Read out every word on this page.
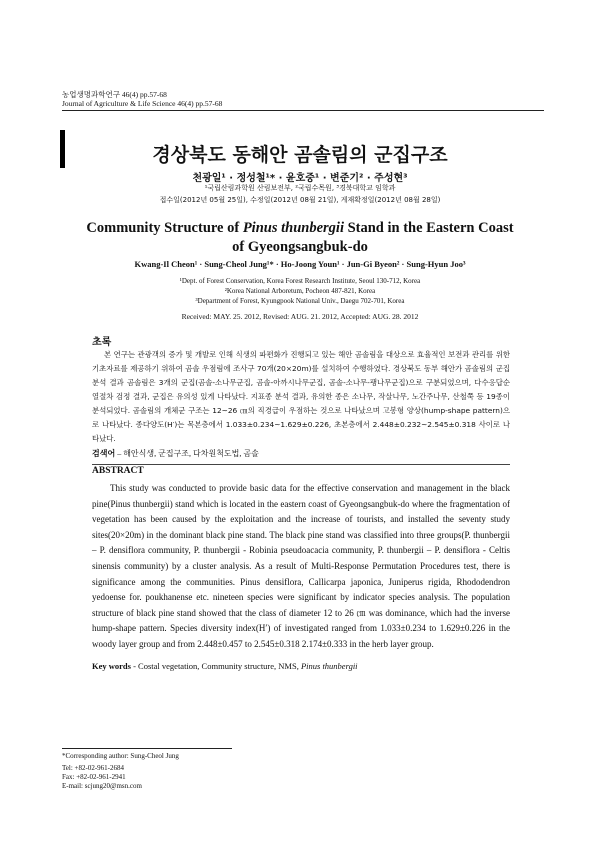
농업생명과학연구 46(4) pp.57-68
Journal of Agriculture & Life Science 46(4) pp.57-68
경상북도 동해안 곰솔림의 군집구조
천광일¹ · 정성철¹* · 윤호중¹ · 변준기² · 주성현³
¹국립산림과학원 산림보전부, ²국립수목원, ³경북대학교 임학과
접수일(2012년 05월 25일), 수정일(2012년 08월 21일), 게재확정일(2012년 08월 28일)
Community Structure of Pinus thunbergii Stand in the Eastern Coast of Gyeongsangbuk-do
Kwang-Il Cheon¹ · Sung-Cheol Jung¹* · Ho-Joong Youn¹ · Jun-Gi Byeon² · Sung-Hyun Joo³
¹Dept. of Forest Conservation, Korea Forest Research Institute, Seoul 130-712, Korea
²Korea National Arboretum, Pocheon 487-821, Korea
³Department of Forest, Kyungpook National Univ., Daegu 702-701, Korea
Received: MAY. 25. 2012, Revised: AUG. 21. 2012, Accepted: AUG. 28. 2012
초록
본 연구는 관광객의 증가 및 개발로 인해 식생의 파편화가 진행되고 있는 해안 곰솔림을 대상으로 효율적인 보전과 관리를 위한 기초자료를 제공하기 위하여 곰솔 우점림에 조사구 70개(20×20m)를 설치하여 수행하였다. 경상북도 동부 해안가 곰솔림의 군집분석 결과 곰솔림은 3개의 군집(곰솔-소나무군집, 곰솔-아까시나무군집, 곰솔-소나무-팽나무군집)으로 구분되었으며, 다수응답순열절차 검정 결과, 군집은 유의성 있게 나타났다. 지표종 분석 결과, 유의한 종은 소나무, 작살나무, 노간주나무, 산철쭉 등 19종이 분석되었다. 곰솔림의 개체군 구조는 12~26 ㎝의 직경급이 우점하는 것으로 나타났으며 고봉형 양상(hump-shape pattern)으로 나타났다. 종다양도(H′)는 목본층에서 1.033±0.234~1.629±0.226, 초본층에서 2.448±0.232~2.545±0.318 사이로 나타났다.
검색어 – 해안식생, 군집구조, 다차원척도법, 곰솔
ABSTRACT
This study was conducted to provide basic data for the effective conservation and management in the black pine(Pinus thunbergii) stand which is located in the eastern coast of Gyeongsangbuk-do where the fragmentation of vegetation has been caused by the exploitation and the increase of tourists, and installed the seventy study sites(20×20m) in the dominant black pine stand. The black pine stand was classified into three groups(P. thunbergii – P. densiflora community, P. thunbergii - Robinia pseudoacacia community, P. thunbergii – P. densiflora - Celtis sinensis community) by a cluster analysis. As a result of Multi-Response Permutation Procedures test, there is significance among the communities. Pinus densiflora, Callicarpa japonica, Juniperus rigida, Rhododendron yedoense for. poukhanense etc. nineteen species were significant by indicator species analysis. The population structure of black pine stand showed that the class of diameter 12 to 26 ㎝ was dominance, which had the inverse hump-shape pattern. Species diversity index(H′) of investigated ranged from 1.033±0.234 to 1.629±0.226 in the woody layer group and from 2.448±0.457 to 2.545±0.318 2.174±0.333 in the herb layer group.
Key words - Costal vegetation, Community structure, NMS, Pinus thunbergii
*Corresponding author: Sung-Cheol Jung
Tel: +82-02-961-2684
Fax: +82-02-961-2941
E-mail: scjung20@msn.com
